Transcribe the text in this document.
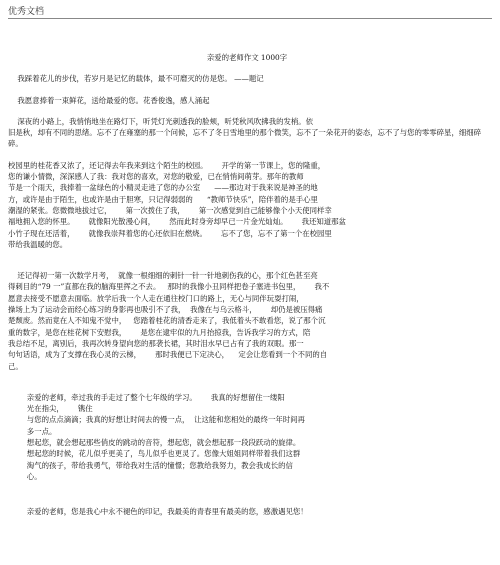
优秀文档

亲爱的老师作文 1000字

我踩着花儿的步伐，若岁月是记忆的载体，最不可磨灭的仿是您。 ——题记

我愿意捧着一束鲜花，送给最爱的您。花香俊逸，感人涌起

深夜的小路上，我悄悄地坐在路灯下，听凭灯光刺透我的脸颊，听凭秋风吹拂我的发梢。依
旧是秋，却有不同的思绪。忘不了在雍塞的那一个问候，忘不了冬日雪地里的那个微笑，忘不了一朵花开的姿态，忘不了与您的零零碎星，细细碎碎。

校园里的桂花香又浓了，还记得去年我来到这个陌生的校园。      开学的第一节课上，您的隆重，
您的谦小情微，深深感人了我：我对您的喜欢，对您的敬爱，已在悄悄间萌芽。那年的教师
节是一个雨天，我捧着一盆绿色的小精灵走进了您的办公室      ——那边对于我来说是神圣的地
方，或许是由于陌生，也或许是由于胆寒，只记得弱弱的      “教师节快乐”，陪伴着的是手心里
潮湿的紧张。您微微地拔过它，      第一次拨住了我，      第一次感觉到自己能够像个小天使同样幸
福地拥入您的怀里。      就像阳光散漫心间，      然而此时身旁却早已一片金光灿灿。      我还知道那盆
小竹子现在还活着，      就像我崇拜着您的心还依旧在燃烧。      忘不了您，忘不了第一个在校园里
带给我温暖的您。

还记得初一第一次数学月考，  就像一根细细的刺针一针一针地刺伤我的心，那个红色甚至亮
得刺目的“79 一”直都在我的脑海里挥之不去。   那时的我像小丑同样把卷子塞进书包里，      我不
愿意去接受不愿意去面临。放学后我一个人走在通往校门口的路上，无心与同伴玩耍打闹，
操场上为了运动会而经心练习的身影再也吸引不了我，  我像在与乌云格斗，      却仍是被压得痛
楚颓废。然而竟在人不知鬼不觉中，   您踏着桂花的清香走来了，我低着头不敢看您，说了那个沉
重的数字，是您在桂花树下安慰我，      是您在逮牢似的九月抬掠我，告诉我学习的方式，陪
我总结不足，离别后，我再次转身望向您的那袭长裙，其时泪水早已占有了我的双眼。那一
句句话语，成为了支撑在我心灵的云梯，      那时我便已下定决心，    定会让您看到一个不同的自
己。

亲爱的老师，牵过我的手走过了整个七年级的学习。      我真的好想留住一缕阳
光在指尖，      镌住
与您的点点滴滴；我真的好想让时间去的慢一点，  让这能和您相处的最终一年时间再
多一点。
想起您，就会想起那些俏皮的跳动的音符，想起您，就会想起那一段段跃动的旋律。
想起您的时候，花儿似乎更美了，鸟儿似乎也更灵了。您像大姐姐同样带着我们这群
淘气的孩子，带给我勇气，带给我对生活的憧憬；您教给我努力，教会我成长的信
心。

亲爱的老师，您是我心中永不褪色的印记，我最美的青春里有最美的您，感激遇见您！
